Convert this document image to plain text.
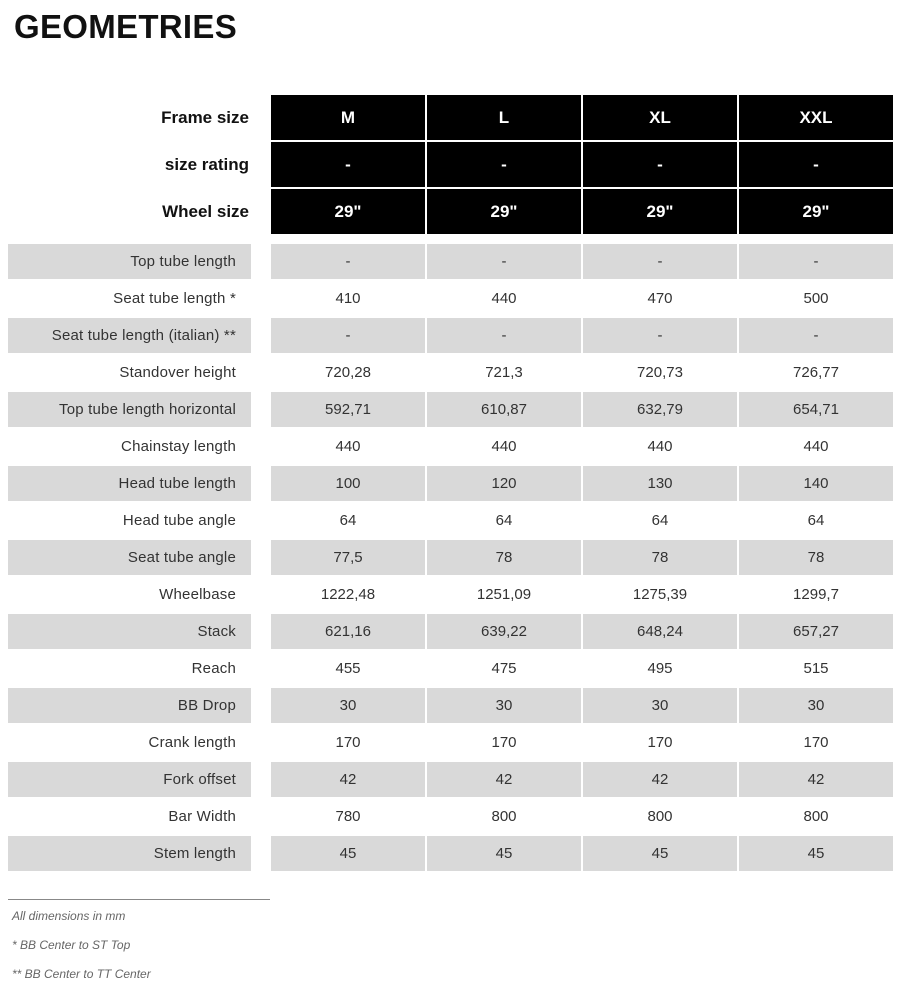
GEOMETRIES
Frame size	M	L	XL	XXL
size rating	-	-	-	-
Wheel size	29"	29"	29"	29"
Top tube length	-	-	-	-
Seat tube length *	410	440	470	500
Seat tube length (italian) **	-	-	-	-
Standover height	720,28	721,3	720,73	726,77
Top tube length horizontal	592,71	610,87	632,79	654,71
Chainstay length	440	440	440	440
Head tube length	100	120	130	140
Head tube angle	64	64	64	64
Seat tube angle	77,5	78	78	78
Wheelbase	1222,48	1251,09	1275,39	1299,7
Stack	621,16	639,22	648,24	657,27
Reach	455	475	495	515
BB Drop	30	30	30	30
Crank length	170	170	170	170
Fork offset	42	42	42	42
Bar Width	780	800	800	800
Stem length	45	45	45	45
All dimensions in mm
* BB Center to ST Top
** BB Center to TT Center
